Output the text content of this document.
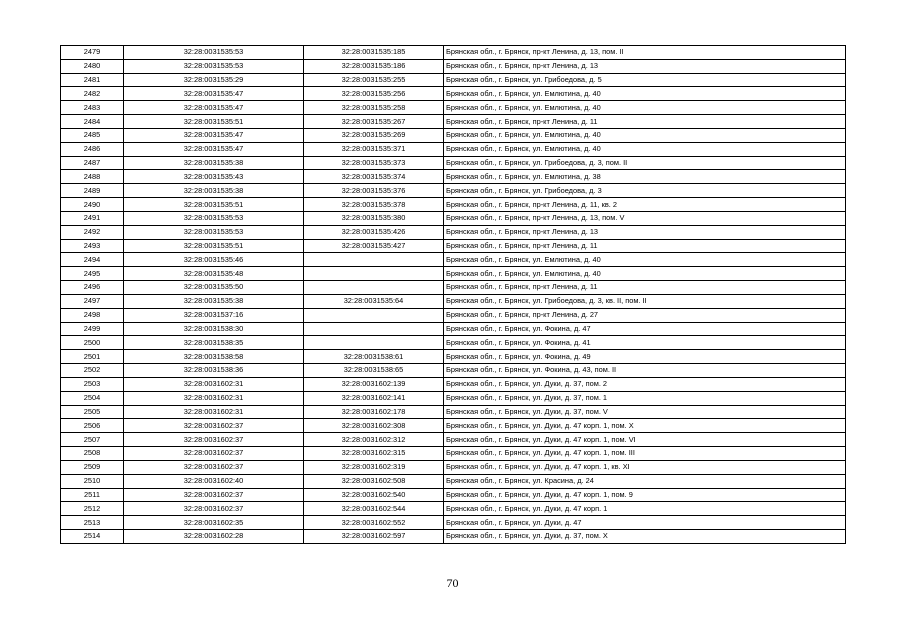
2479	32:28:0031535:53	32:28:0031535:185	Брянская обл., г. Брянск, пр-кт Ленина, д. 13, пом. II
2480	32:28:0031535:53	32:28:0031535:186	Брянская обл., г. Брянск, пр-кт Ленина, д. 13
2481	32:28:0031535:29	32:28:0031535:255	Брянская обл., г. Брянск, ул. Грибоедова, д. 5
2482	32:28:0031535:47	32:28:0031535:256	Брянская обл., г. Брянск, ул. Емлютина, д. 40
2483	32:28:0031535:47	32:28:0031535:258	Брянская обл., г. Брянск, ул. Емлютина, д. 40
2484	32:28:0031535:51	32:28:0031535:267	Брянская обл., г. Брянск, пр-кт Ленина, д. 11
2485	32:28:0031535:47	32:28:0031535:269	Брянская обл., г. Брянск, ул. Емлютина, д. 40
2486	32:28:0031535:47	32:28:0031535:371	Брянская обл., г. Брянск, ул. Емлютина, д. 40
2487	32:28:0031535:38	32:28:0031535:373	Брянская обл., г. Брянск, ул. Грибоедова, д. 3, пом. II
2488	32:28:0031535:43	32:28:0031535:374	Брянская обл., г. Брянск, ул. Емлютина, д. 38
2489	32:28:0031535:38	32:28:0031535:376	Брянская обл., г. Брянск, ул. Грибоедова, д. 3
2490	32:28:0031535:51	32:28:0031535:378	Брянская обл., г. Брянск, пр-кт Ленина, д. 11, кв. 2
2491	32:28:0031535:53	32:28:0031535:380	Брянская обл., г. Брянск, пр-кт Ленина, д. 13, пом. V
2492	32:28:0031535:53	32:28:0031535:426	Брянская обл., г. Брянск, пр-кт Ленина, д. 13
2493	32:28:0031535:51	32:28:0031535:427	Брянская обл., г. Брянск, пр-кт Ленина, д. 11
2494	32:28:0031535:46		Брянская обл., г. Брянск, ул. Емлютина, д. 40
2495	32:28:0031535:48		Брянская обл., г. Брянск, ул. Емлютина, д. 40
2496	32:28:0031535:50		Брянская обл., г. Брянск, пр-кт Ленина, д. 11
2497	32:28:0031535:38	32:28:0031535:64	Брянская обл., г. Брянск, ул. Грибоедова, д. 3, кв. II, пом. II
2498	32:28:0031537:16		Брянская обл., г. Брянск, пр-кт Ленина, д. 27
2499	32:28:0031538:30		Брянская обл., г. Брянск, ул. Фокина, д. 47
2500	32:28:0031538:35		Брянская обл., г. Брянск, ул. Фокина, д. 41
2501	32:28:0031538:58	32:28:0031538:61	Брянская обл., г. Брянск, ул. Фокина, д. 49
2502	32:28:0031538:36	32:28:0031538:65	Брянская обл., г. Брянск, ул. Фокина, д. 43, пом. II
2503	32:28:0031602:31	32:28:0031602:139	Брянская обл., г. Брянск, ул. Дуки, д. 37, пом. 2
2504	32:28:0031602:31	32:28:0031602:141	Брянская обл., г. Брянск, ул. Дуки, д. 37, пом. 1
2505	32:28:0031602:31	32:28:0031602:178	Брянская обл., г. Брянск, ул. Дуки, д. 37, пом. V
2506	32:28:0031602:37	32:28:0031602:308	Брянская обл., г. Брянск, ул. Дуки, д. 47 корп. 1, пом. X
2507	32:28:0031602:37	32:28:0031602:312	Брянская обл., г. Брянск, ул. Дуки, д. 47 корп. 1, пом. VI
2508	32:28:0031602:37	32:28:0031602:315	Брянская обл., г. Брянск, ул. Дуки, д. 47 корп. 1, пом. III
2509	32:28:0031602:37	32:28:0031602:319	Брянская обл., г. Брянск, ул. Дуки, д. 47 корп. 1, кв. XI
2510	32:28:0031602:40	32:28:0031602:508	Брянская обл., г. Брянск, ул. Красина, д. 24
2511	32:28:0031602:37	32:28:0031602:540	Брянская обл., г. Брянск, ул. Дуки, д. 47 корп. 1, пом. 9
2512	32:28:0031602:37	32:28:0031602:544	Брянская обл., г. Брянск, ул. Дуки, д. 47 корп. 1
2513	32:28:0031602:35	32:28:0031602:552	Брянская обл., г. Брянск, ул. Дуки, д. 47
2514	32:28:0031602:28	32:28:0031602:597	Брянская обл., г. Брянск, ул. Дуки, д. 37, пом. X
70
